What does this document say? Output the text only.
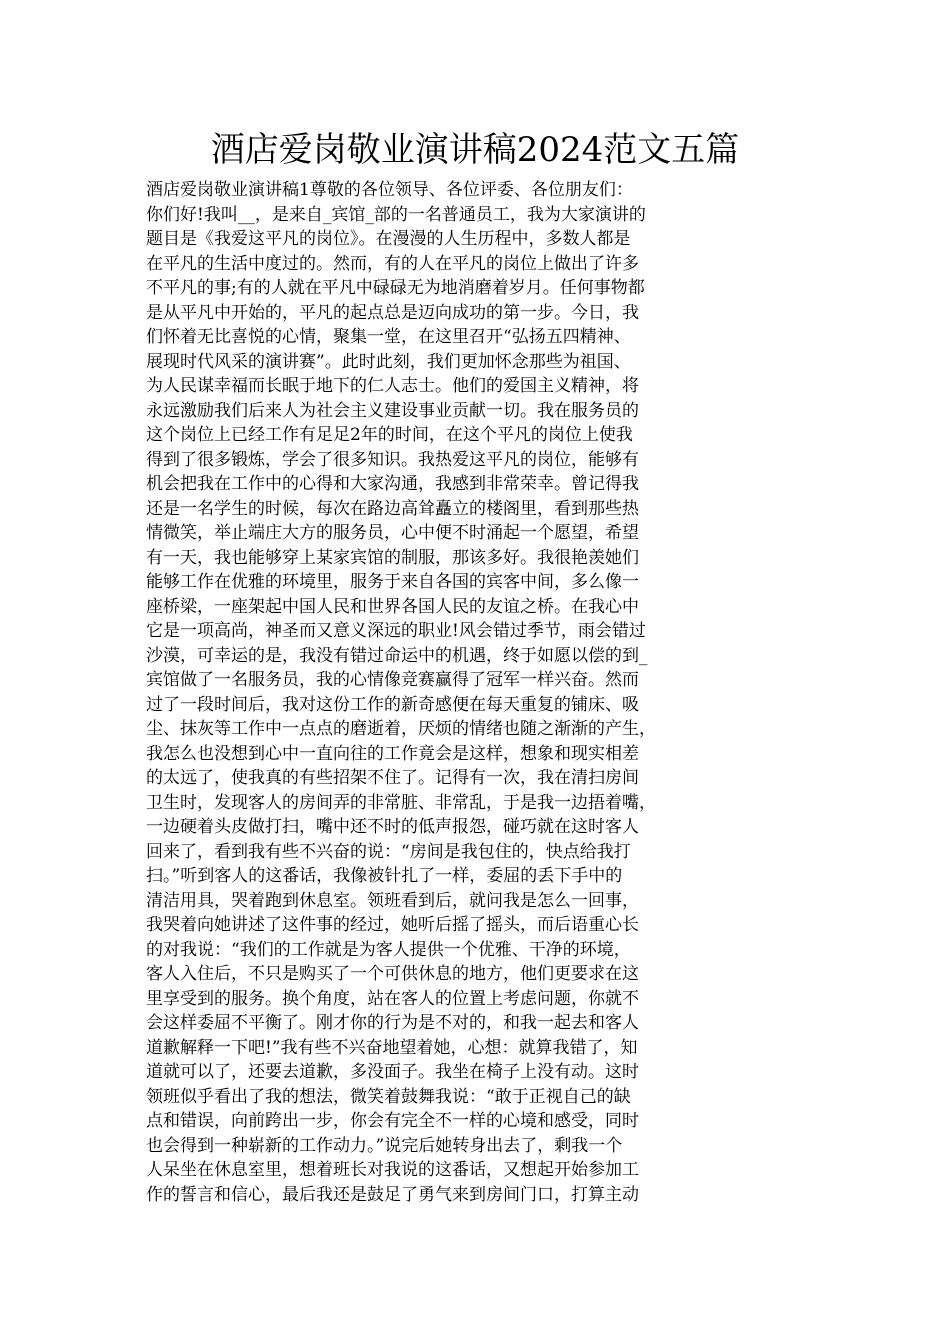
酒店爱岗敬业演讲稿2024范文五篇
酒店爱岗敬业演讲稿1尊敬的各位领导、各位评委、各位朋友们：
你们好!我叫__，是来自_宾馆_部的一名普通员工，我为大家演讲的
题目是《我爱这平凡的岗位》。在漫漫的人生历程中，多数人都是
在平凡的生活中度过的。然而，有的人在平凡的岗位上做出了许多
不平凡的事;有的人就在平凡中碌碌无为地消磨着岁月。任何事物都
是从平凡中开始的，平凡的起点总是迈向成功的第一步。今日，我
们怀着无比喜悦的心情，聚集一堂，在这里召开“弘扬五四精神、
展现时代风采的演讲赛”。此时此刻，我们更加怀念那些为祖国、
为人民谋幸福而长眠于地下的仁人志士。他们的爱国主义精神，将
永远激励我们后来人为社会主义建设事业贡献一切。我在服务员的
这个岗位上已经工作有足足2年的时间，在这个平凡的岗位上使我
得到了很多锻炼，学会了很多知识。我热爱这平凡的岗位，能够有
机会把我在工作中的心得和大家沟通，我感到非常荣幸。曾记得我
还是一名学生的时候，每次在路边高耸矗立的楼阁里，看到那些热
情微笑，举止端庄大方的服务员，心中便不时涌起一个愿望，希望
有一天，我也能够穿上某家宾馆的制服，那该多好。我很艳羡她们
能够工作在优雅的环境里，服务于来自各国的宾客中间，多么像一
座桥梁，一座架起中国人民和世界各国人民的友谊之桥。在我心中
它是一项高尚，神圣而又意义深远的职业!风会错过季节，雨会错过
沙漠，可幸运的是，我没有错过命运中的机遇，终于如愿以偿的到_
宾馆做了一名服务员，我的心情像竞赛赢得了冠军一样兴奋。然而
过了一段时间后，我对这份工作的新奇感便在每天重复的铺床、吸
尘、抹灰等工作中一点点的磨逝着，厌烦的情绪也随之渐渐的产生，
我怎么也没想到心中一直向往的工作竟会是这样，想象和现实相差
的太远了，使我真的有些招架不住了。记得有一次，我在清扫房间
卫生时，发现客人的房间弄的非常脏、非常乱，于是我一边捂着嘴，
一边硬着头皮做打扫，嘴中还不时的低声报怨，碰巧就在这时客人
回来了，看到我有些不兴奋的说：“房间是我包住的，快点给我打
扫。”听到客人的这番话，我像被针扎了一样，委屈的丢下手中的
清洁用具，哭着跑到休息室。领班看到后，就问我是怎么一回事，
我哭着向她讲述了这件事的经过，她听后摇了摇头，而后语重心长
的对我说：“我们的工作就是为客人提供一个优雅、干净的环境，
客人入住后，不只是购买了一个可供休息的地方，他们更要求在这
里享受到的服务。换个角度，站在客人的位置上考虑问题，你就不
会这样委屈不平衡了。刚才你的行为是不对的，和我一起去和客人
道歉解释一下吧!”我有些不兴奋地望着她，心想：就算我错了，知
道就可以了，还要去道歉，多没面子。我坐在椅子上没有动。这时
领班似乎看出了我的想法，微笑着鼓舞我说：“敢于正视自己的缺
点和错误，向前跨出一步，你会有完全不一样的心境和感受，同时
也会得到一种崭新的工作动力。”说完后她转身出去了，剩我一个
人呆坐在休息室里，想着班长对我说的这番话，又想起开始参加工
作的誓言和信心，最后我还是鼓足了勇气来到房间门口，打算主动
